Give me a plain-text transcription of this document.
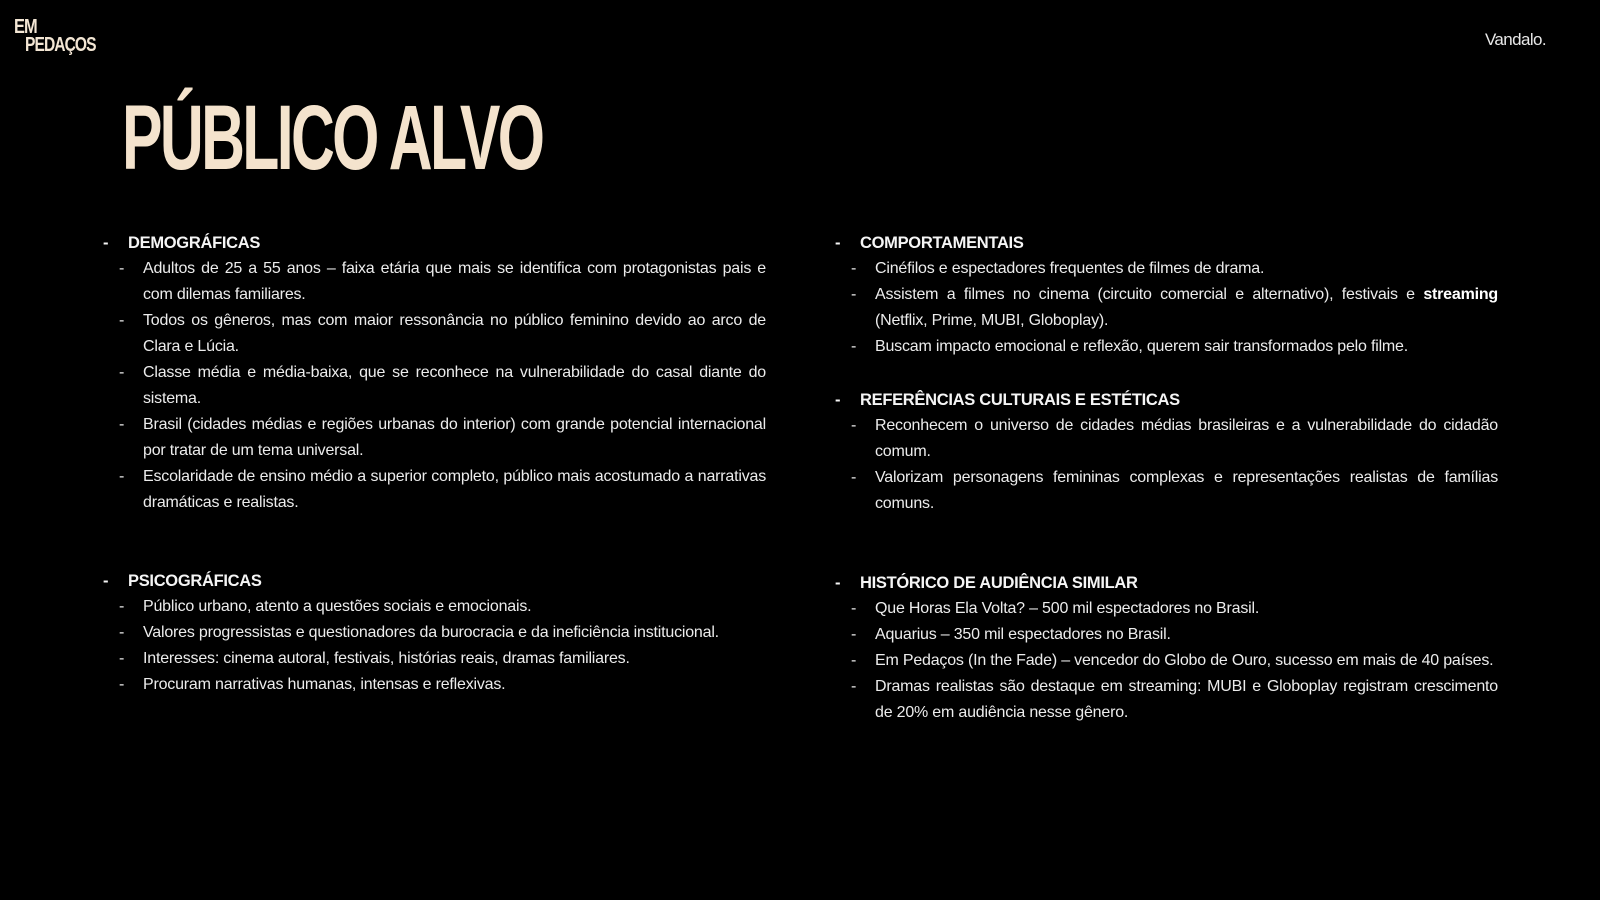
EM
PEDAÇOS	Vandalo.
PÚBLICO ALVO
-	DEMOGRÁFICAS
-	Adultos de 25 a 55 anos – faixa etária que mais se identifica com protagonistas pais e com dilemas familiares.
-	Todos os gêneros, mas com maior ressonância no público feminino devido ao arco de Clara e Lúcia.
-	Classe média e média-baixa, que se reconhece na vulnerabilidade do casal diante do sistema.
-	Brasil (cidades médias e regiões urbanas do interior) com grande potencial internacional por tratar de um tema universal.
-	Escolaridade de ensino médio a superior completo, público mais acostumado a narrativas dramáticas e realistas.
-	PSICOGRÁFICAS
-	Público urbano, atento a questões sociais e emocionais.
-	Valores progressistas e questionadores da burocracia e da ineficiência institucional.
-	Interesses: cinema autoral, festivais, histórias reais, dramas familiares.
-	Procuram narrativas humanas, intensas e reflexivas.
-	COMPORTAMENTAIS
-	Cinéfilos e espectadores frequentes de filmes de drama.
-	Assistem a filmes no cinema (circuito comercial e alternativo), festivais e streaming (Netflix, Prime, MUBI, Globoplay).
-	Buscam impacto emocional e reflexão, querem sair transformados pelo filme.
-	REFERÊNCIAS CULTURAIS E ESTÉTICAS
-	Reconhecem o universo de cidades médias brasileiras e a vulnerabilidade do cidadão comum.
-	Valorizam personagens femininas complexas e representações realistas de famílias comuns.
-	HISTÓRICO DE AUDIÊNCIA SIMILAR
-	Que Horas Ela Volta? – 500 mil espectadores no Brasil.
-	Aquarius – 350 mil espectadores no Brasil.
-	Em Pedaços (In the Fade) – vencedor do Globo de Ouro, sucesso em mais de 40 países.
-	Dramas realistas são destaque em streaming: MUBI e Globoplay registram crescimento de 20% em audiência nesse gênero.
